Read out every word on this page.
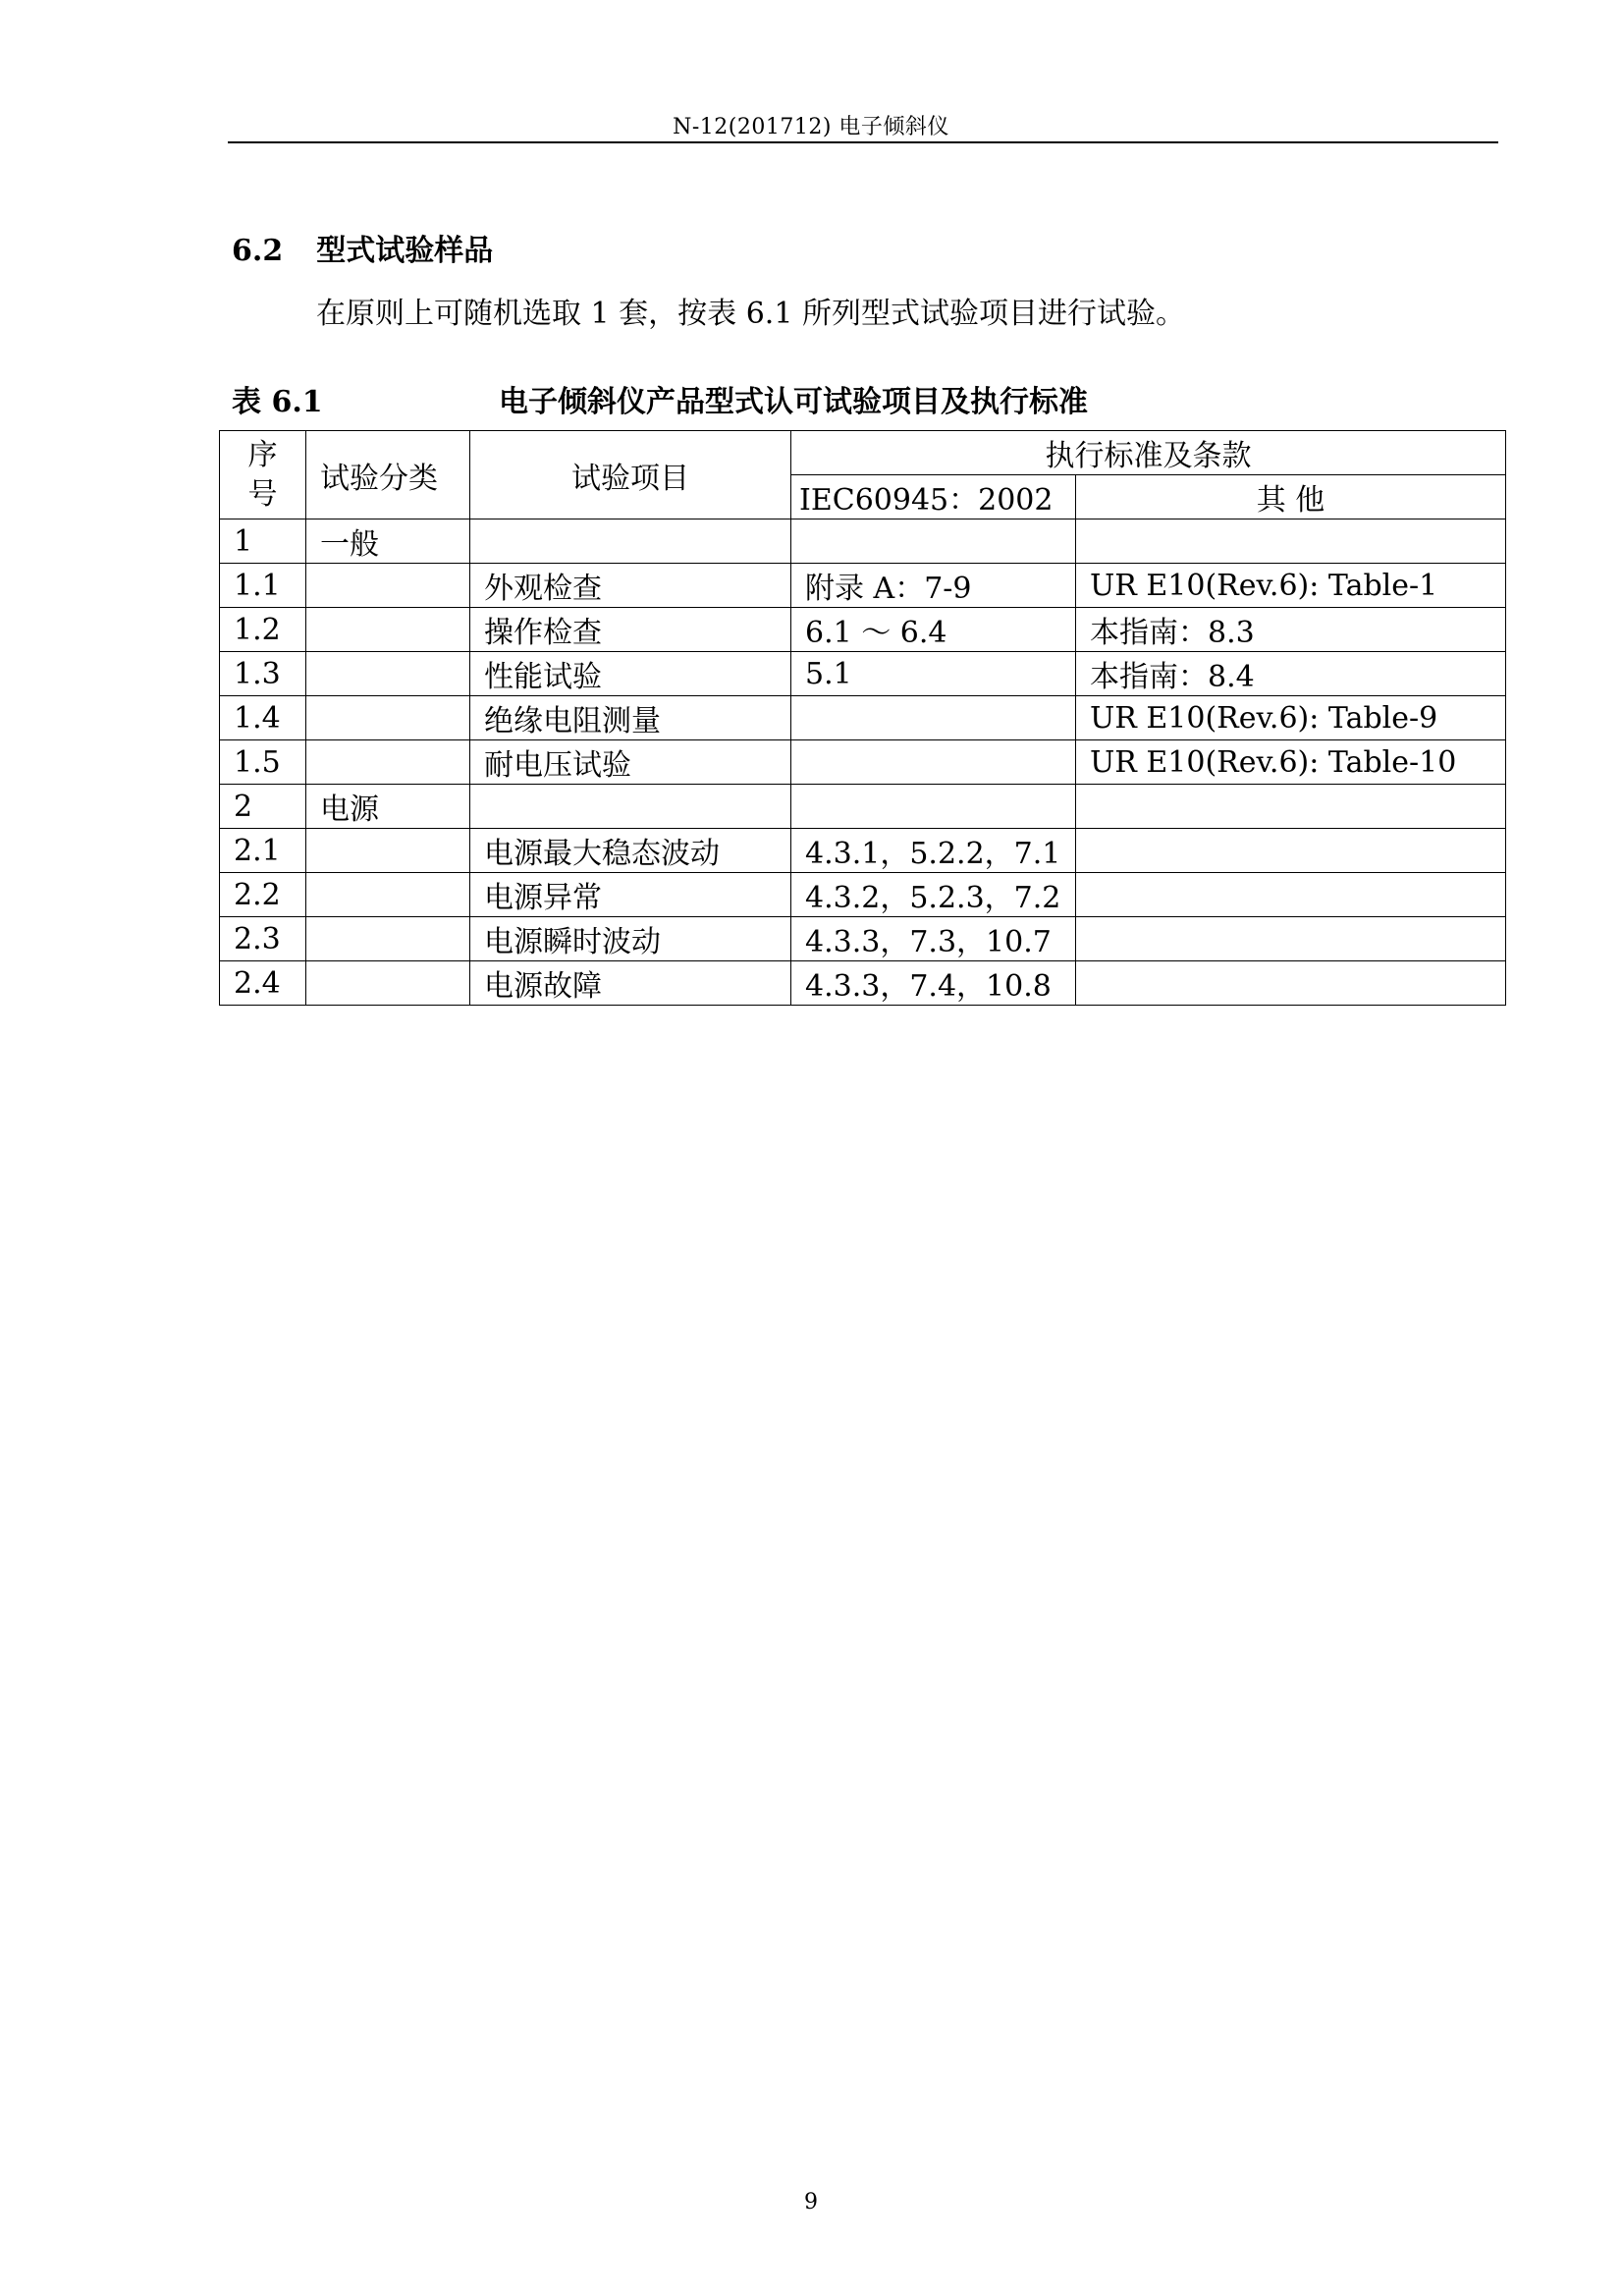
N-12(201712) 电子倾斜仪
6.2 型式试验样品
在原则上可随机选取 1 套，按表 6.1 所列型式试验项目进行试验。
表 6.1	电子倾斜仪产品型式认可试验项目及执行标准
序
号	试验分类	试验项目	执行标准及条款	
			IEC60945：2002	其 他
1	一般			
1.1		外观检查	附录 A：7-9	UR E10(Rev.6): Table-1
1.2		操作检查	6.1 ～ 6.4	本指南：8.3
1.3		性能试验	5.1	本指南：8.4
1.4		绝缘电阻测量		UR E10(Rev.6): Table-9
1.5		耐电压试验		UR E10(Rev.6): Table-10
2	电源			
2.1		电源最大稳态波动	4.3.1，5.2.2，7.1	
2.2		电源异常	4.3.2，5.2.3，7.2	
2.3		电源瞬时波动	4.3.3，7.3，10.7	
2.4		电源故障	4.3.3，7.4，10.8	
9
